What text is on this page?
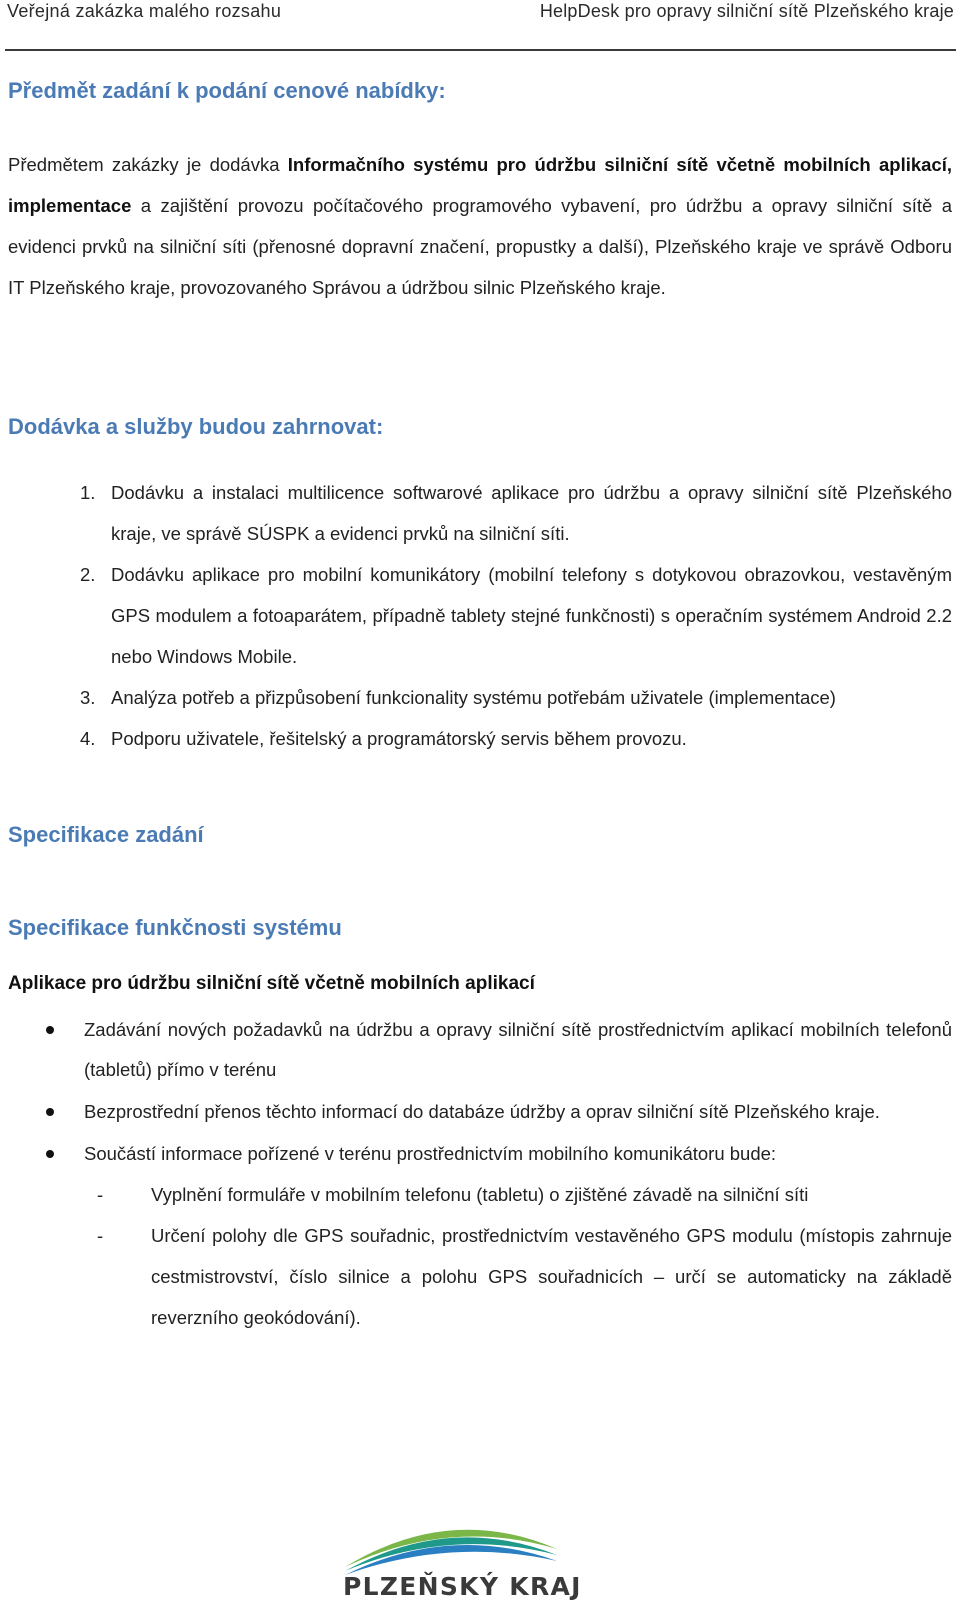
Veřejná zakázka malého rozsahu	HelpDesk pro opravy silniční sítě Plzeňského kraje
Předmět zadání k podání cenové nabídky:

Předmětem zakázky je dodávka Informačního systému pro údržbu silniční sítě včetně mobilních aplikací, implementace a zajištění provozu počítačového programového vybavení, pro údržbu a opravy silniční sítě a evidenci prvků na silniční síti (přenosné dopravní značení, propustky a další), Plzeňského kraje ve správě Odboru IT Plzeňského kraje, provozovaného Správou a údržbou silnic Plzeňského kraje.

Dodávka a služby budou zahrnovat:
1. Dodávku a instalaci multilicence softwarové aplikace pro údržbu a opravy silniční sítě Plzeňského kraje, ve správě SÚSPK a evidenci prvků na silniční síti.
2. Dodávku aplikace pro mobilní komunikátory (mobilní telefony s dotykovou obrazovkou, vestavěným GPS modulem a fotoaparátem, případně tablety stejné funkčnosti) s operačním systémem Android 2.2 nebo Windows Mobile.
3. Analýza potřeb a přizpůsobení funkcionality systému potřebám uživatele (implementace)
4. Podporu uživatele, řešitelský a programátorský servis během provozu.
Specifikace zadání
Specifikace funkčnosti systému
Aplikace pro údržbu silniční sítě včetně mobilních aplikací
Zadávání nových požadavků na údržbu a opravy silniční sítě prostřednictvím aplikací mobilních telefonů (tabletů) přímo v terénu
Bezprostřední přenos těchto informací do databáze údržby a oprav silniční sítě Plzeňského kraje.
Součástí informace pořízené v terénu prostřednictvím mobilního komunikátoru bude:
-	Vyplnění formuláře v mobilním telefonu (tabletu) o zjištěné závadě na silniční síti
-	Určení polohy dle GPS souřadnic, prostřednictvím vestavěného GPS modulu (místopis zahrnuje cestmistrovství, číslo silnice a polohu GPS souřadnicích – určí se automaticky na základě reverzního geokódování).
PLZEŇSKÝ KRAJ
